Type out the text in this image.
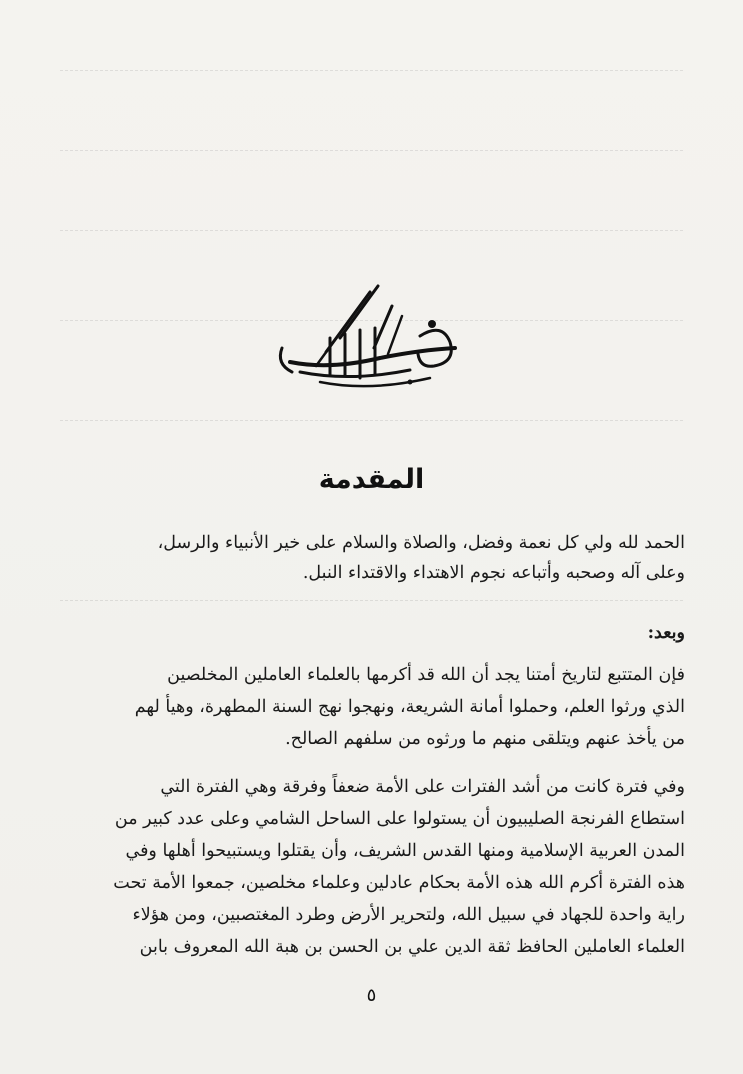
المقدمة
الحمد لله ولي كل نعمة وفضل، والصلاة والسلام على خير الأنبياء والرسل،
وعلى آله وصحبه وأتباعه نجوم الاهتداء والاقتداء النبل.
وبعد:
فإن المتتبع لتاريخ أمتنا يجد أن الله قد أكرمها بالعلماء العاملين المخلصين
الذي ورثوا العلم، وحملوا أمانة الشريعة، ونهجوا نهج السنة المطهرة، وهيأ لهم
من يأخذ عنهم ويتلقى منهم ما ورثوه من سلفهم الصالح.
وفي فترة كانت من أشد الفترات على الأمة ضعفاً وفرقة وهي الفترة التي
استطاع الفرنجة الصليبيون أن يستولوا على الساحل الشامي وعلى عدد كبير من
المدن العربية الإسلامية ومنها القدس الشريف، وأن يقتلوا ويستبيحوا أهلها وفي
هذه الفترة أكرم الله هذه الأمة بحكام عادلين وعلماء مخلصين، جمعوا الأمة تحت
راية واحدة للجهاد في سبيل الله، ولتحرير الأرض وطرد المغتصبين، ومن هؤلاء
العلماء العاملين الحافظ ثقة الدين علي بن الحسن بن هبة الله المعروف بابن
٥
